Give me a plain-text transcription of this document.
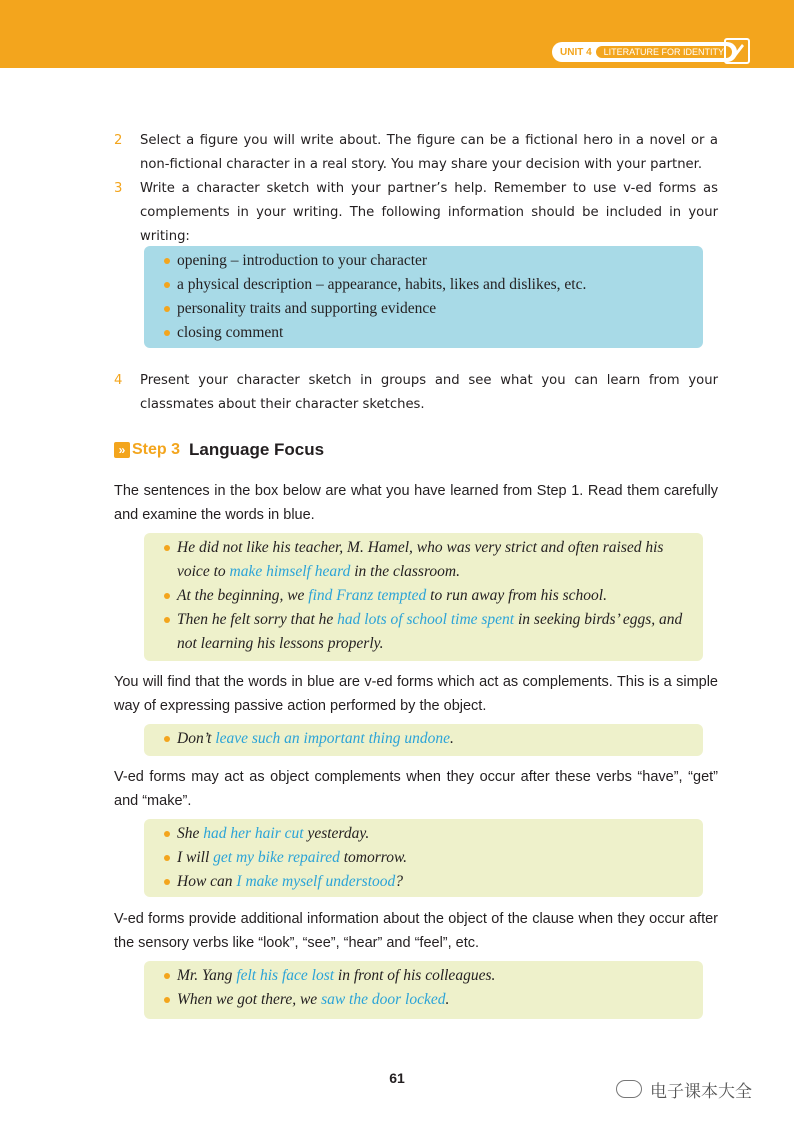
UNIT 4	LITERATURE FOR IDENTITY
2 Select a figure you will write about. The figure can be a fictional hero in a novel or a non-fictional character in a real story. You may share your decision with your partner.
3 Write a character sketch with your partner’s help. Remember to use v-ed forms as complements in your writing. The following information should be included in your writing:
opening – introduction to your character
a physical description – appearance, habits, likes and dislikes, etc.
personality traits and supporting evidence
closing comment
4 Present your character sketch in groups and see what you can learn from your classmates about their character sketches.
» Step 3 Language Focus
The sentences in the box below are what you have learned from Step 1. Read them carefully and examine the words in blue.
He did not like his teacher, M. Hamel, who was very strict and often raised his voice to make himself heard in the classroom.
At the beginning, we find Franz tempted to run away from his school.
Then he felt sorry that he had lots of school time spent in seeking birds’ eggs, and not learning his lessons properly.
You will find that the words in blue are v-ed forms which act as complements. This is a simple way of expressing passive action performed by the object.
Don’t leave such an important thing undone.
V-ed forms may act as object complements when they occur after these verbs “have”, “get” and “make”.
She had her hair cut yesterday.
I will get my bike repaired tomorrow.
How can I make myself understood?
V-ed forms provide additional information about the object of the clause when they occur after the sensory verbs like “look”, “see”, “hear” and “feel”, etc.
Mr. Yang felt his face lost in front of his colleagues.
When we got there, we saw the door locked.
61
电子课本大全
